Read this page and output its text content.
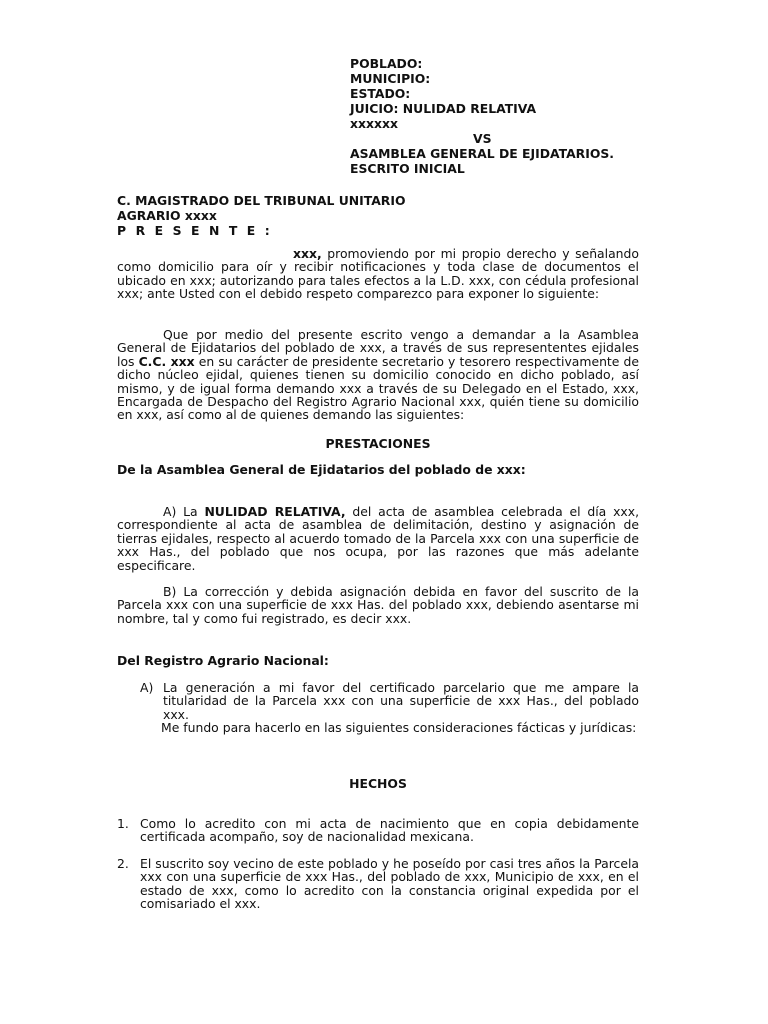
POBLADO:
MUNICIPIO:
ESTADO:
JUICIO: NULIDAD RELATIVA
xxxxxx
VS
ASAMBLEA GENERAL DE EJIDATARIOS.
ESCRITO INICIAL
C. MAGISTRADO DEL TRIBUNAL UNITARIO
AGRARIO xxxx
PRESENTE:
xxx, promoviendo por mi propio derecho y señalando como domicilio para oír y recibir notificaciones y toda clase de documentos el ubicado en xxx; autorizando para tales efectos a la L.D. xxx, con cédula profesional xxx; ante Usted con el debido respeto comparezco para exponer lo siguiente:
Que por medio del presente escrito vengo a demandar a la Asamblea General de Ejidatarios del poblado de xxx, a través de sus represententes ejidales los C.C. xxx en su carácter de presidente secretario y tesorero respectivamente de dicho núcleo ejidal, quienes tienen su domicilio conocido en dicho poblado, así mismo, y de igual forma demando xxx a través de su Delegado en el Estado, xxx, Encargada de Despacho del Registro Agrario Nacional xxx, quién tiene su domicilio en xxx, así como al de quienes demando las siguientes:
PRESTACIONES
De la Asamblea General de Ejidatarios del poblado de xxx:
A) La NULIDAD RELATIVA, del acta de asamblea celebrada el día xxx, correspondiente al acta de asamblea de delimitación, destino y asignación de tierras ejidales, respecto al acuerdo tomado de la Parcela xxx con una superficie de xxx Has., del poblado que nos ocupa, por las razones que más adelante especificare.
B) La corrección y debida asignación debida en favor del suscrito de la Parcela xxx con una superficie de xxx Has. del poblado xxx, debiendo asentarse mi nombre, tal y como fui registrado, es decir xxx.
Del Registro Agrario Nacional:
A) La generación a mi favor del certificado parcelario que me ampare la titularidad de la Parcela xxx con una superficie de xxx Has., del poblado xxx.
Me fundo para hacerlo en las siguientes consideraciones fácticas y jurídicas:
HECHOS
1. Como lo acredito con mi acta de nacimiento que en copia debidamente certificada acompaño, soy de nacionalidad mexicana.
2. El suscrito soy vecino de este poblado y he poseído por casi tres años la Parcela xxx con una superficie de xxx Has., del poblado de xxx, Municipio de xxx, en el estado de xxx, como lo acredito con la constancia original expedida por el comisariado el xxx.
